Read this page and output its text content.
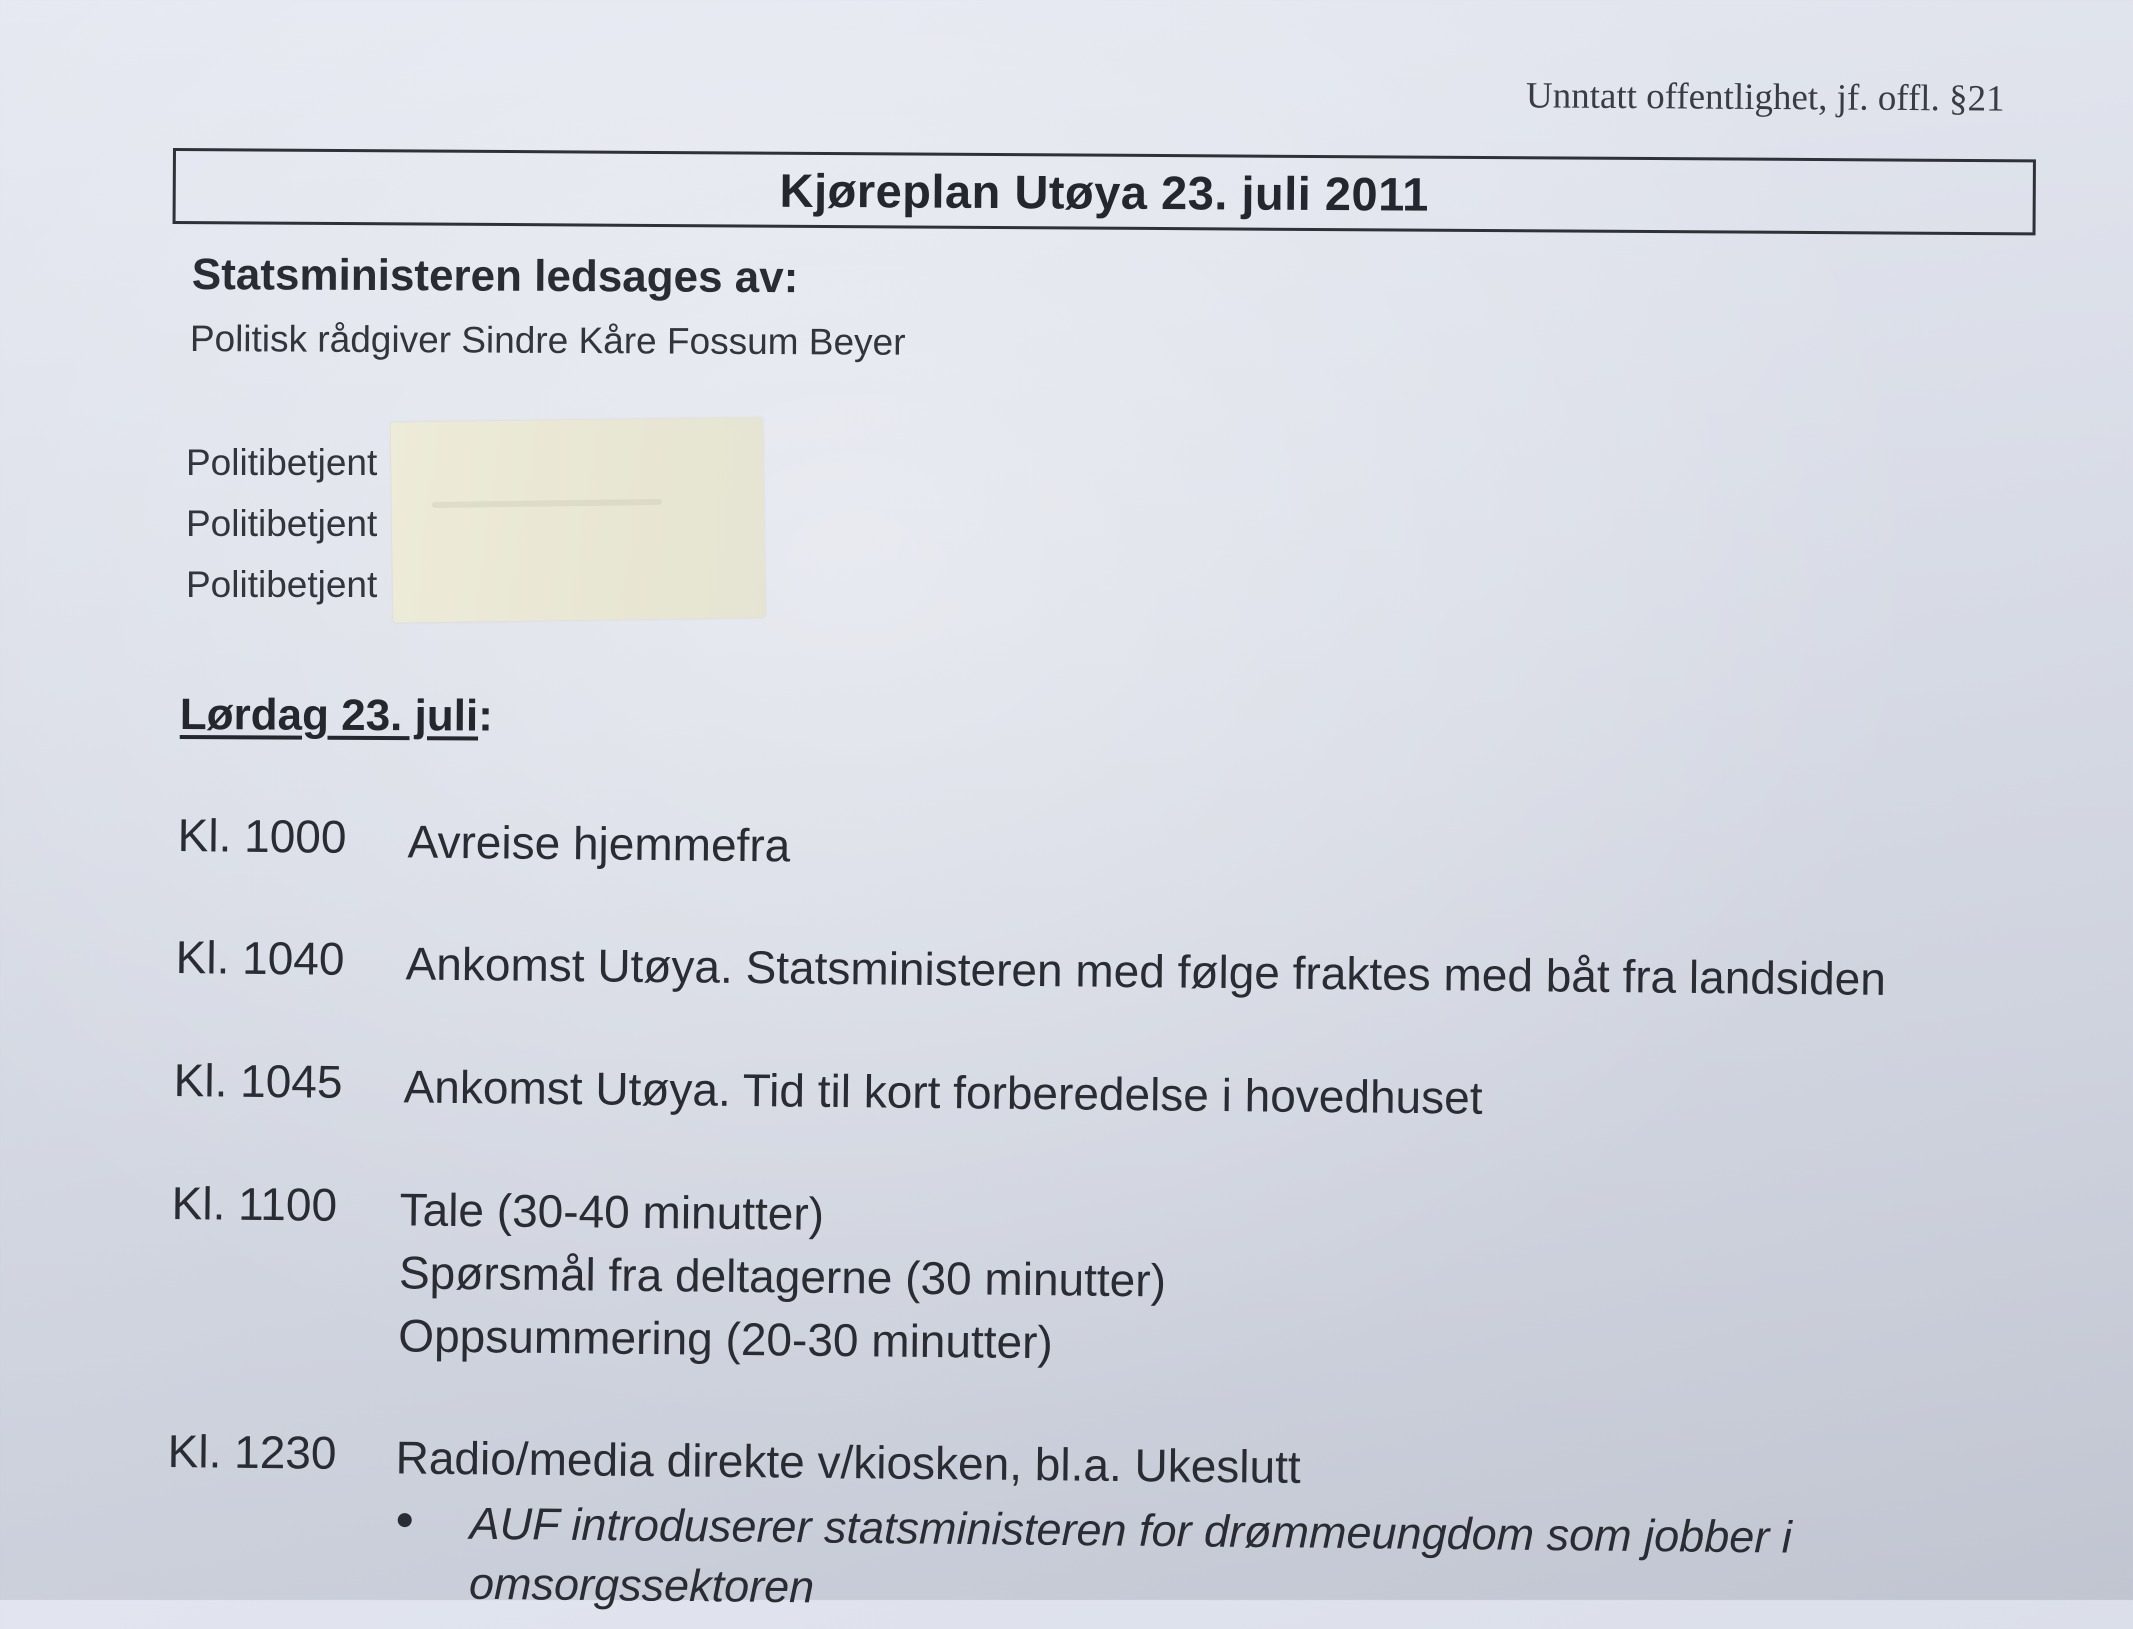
Unntatt offentlighet, jf. offl. §21
Kjøreplan Utøya 23. juli 2011
Statsministeren ledsages av:
Politisk rådgiver Sindre Kåre Fossum Beyer
Politibetjent
Politibetjent
Politibetjent
Lørdag 23. juli:
Kl. 1000 Avreise hjemmefra
Kl. 1040 Ankomst Utøya. Statsministeren med følge fraktes med båt fra landsiden
Kl. 1045 Ankomst Utøya. Tid til kort forberedelse i hovedhuset
Kl. 1100 Tale (30-40 minutter)
Spørsmål fra deltagerne (30 minutter)
Oppsummering (20-30 minutter)
Kl. 1230 Radio/media direkte v/kiosken, bl.a. Ukeslutt
AUF introduserer statsministeren for drømmeungdom som jobber i omsorgssektoren
